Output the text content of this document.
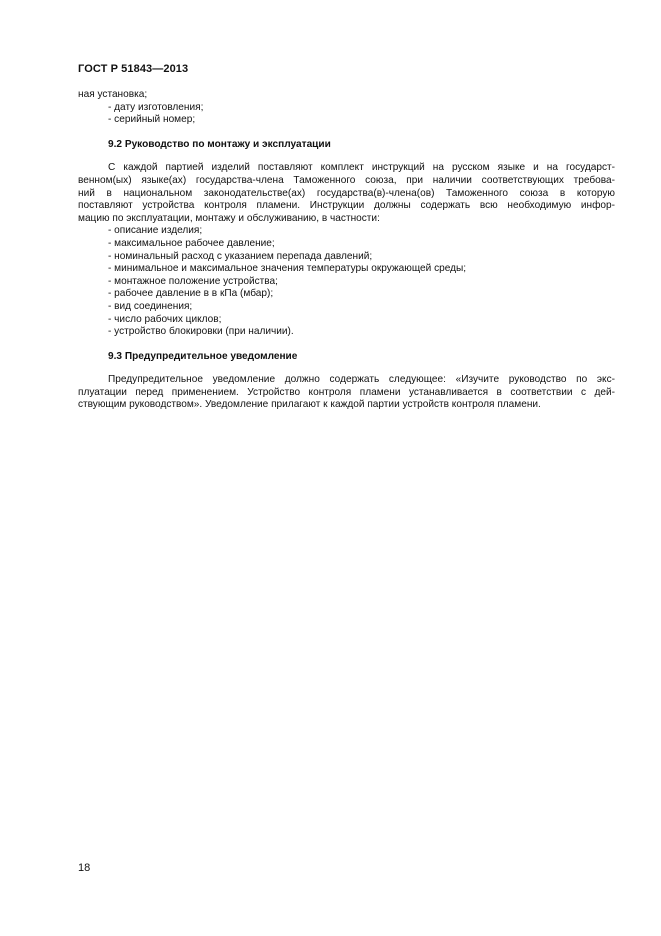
ГОСТ Р 51843—2013
ная установка;
- дату изготовления;
- серийный номер;
9.2 Руководство по монтажу и эксплуатации
С каждой партией изделий поставляют комплект инструкций на русском языке и на государст-
венном(ых) языке(ах) государства-члена Таможенного союза, при наличии соответствующих требова-
ний в национальном законодательстве(ах) государства(в)-члена(ов) Таможенного союза в которую
поставляют устройства контроля пламени. Инструкции должны содержать всю необходимую инфор-
мацию по эксплуатации, монтажу и обслуживанию, в частности:
- описание изделия;
- максимальное рабочее давление;
- номинальный расход с указанием перепада давлений;
- минимальное и максимальное значения температуры окружающей среды;
- монтажное положение устройства;
- рабочее давление в в кПа (мбар);
- вид соединения;
- число рабочих циклов;
- устройство блокировки (при наличии).
9.3 Предупредительное уведомление
Предупредительное уведомление должно содержать следующее: «Изучите руководство по экс-
плуатации перед применением. Устройство контроля пламени устанавливается в соответствии с дей-
ствующим руководством». Уведомление прилагают к каждой партии устройств контроля пламени.
18
